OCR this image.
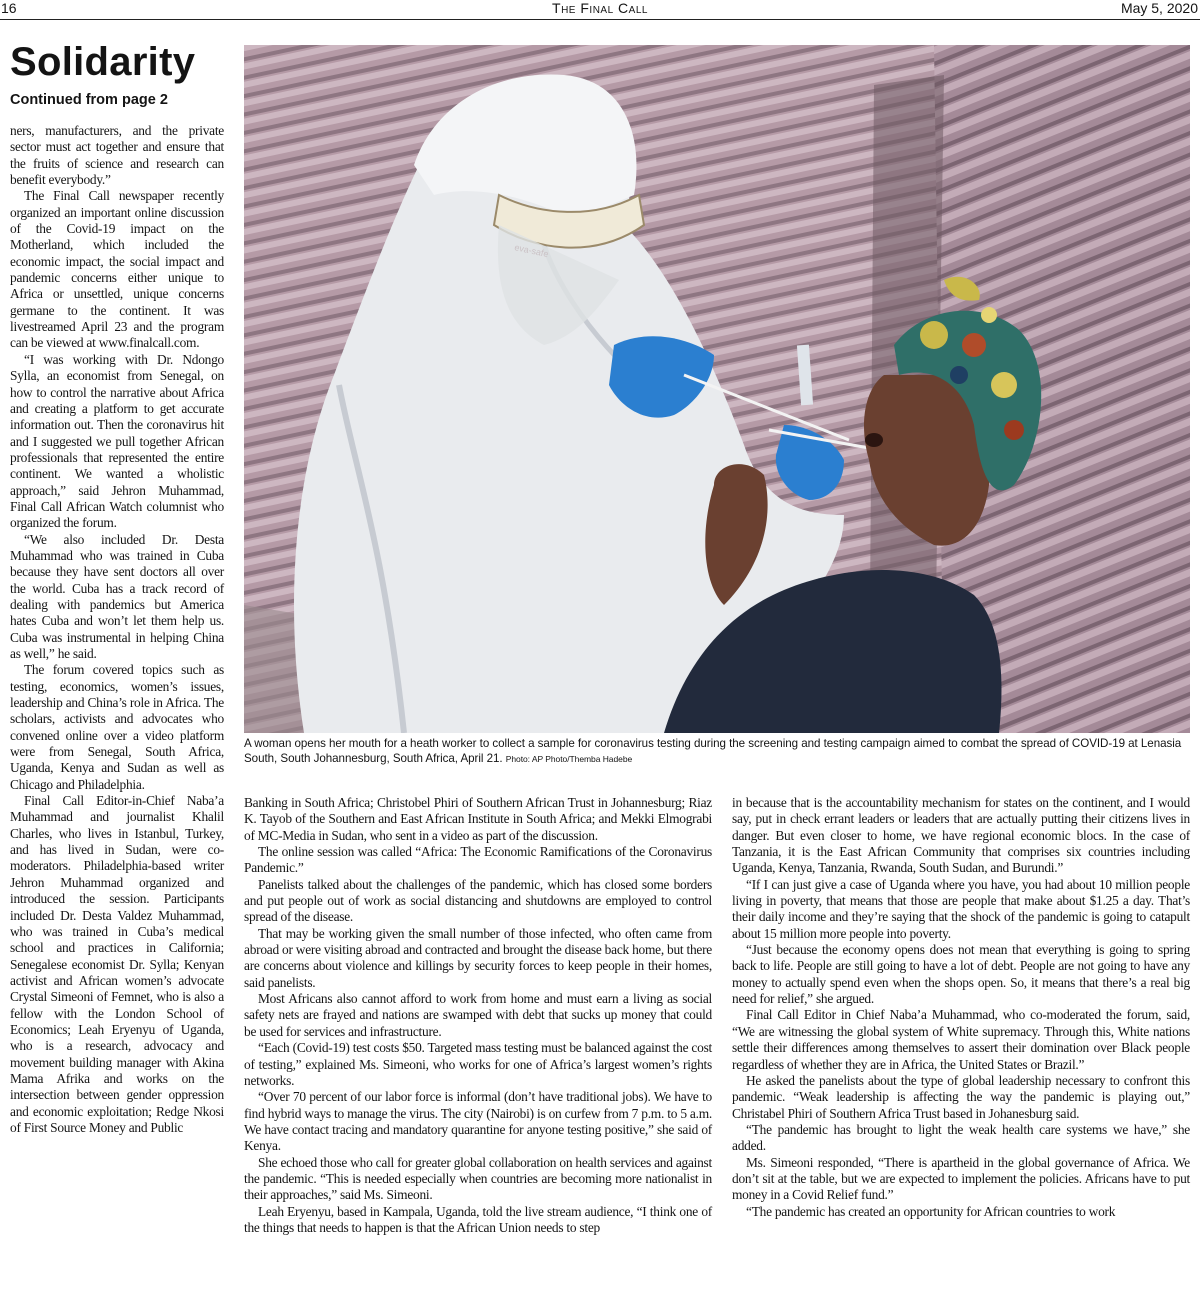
16	The Final Call	May 5, 2020
Solidarity
Continued from page 2

ners, manufacturers, and the private sector must act together and ensure that the fruits of science and research can benefit everybody.”

The Final Call newspaper recently organized an important online discussion of the Covid-19 impact on the Motherland, which included the economic impact, the social impact and pandemic concerns either unique to Africa or unsettled, unique concerns germane to the continent. It was livestreamed April 23 and the program can be viewed at www.finalcall.com.

“I was working with Dr. Ndongo Sylla, an economist from Senegal, on how to control the narrative about Africa and creating a platform to get accurate information out. Then the coronavirus hit and I suggested we pull together African professionals that represented the entire continent. We wanted a wholistic approach,” said Jehron Muhammad, Final Call African Watch columnist who organized the forum.

“We also included Dr. Desta Muhammad who was trained in Cuba because they have sent doctors all over the world. Cuba has a track record of dealing with pandemics but America hates Cuba and won’t let them help us. Cuba was instrumental in helping China as well,” he said.

The forum covered topics such as testing, economics, women’s issues, leadership and China’s role in Africa. The scholars, activists and advocates who convened online over a video platform were from Senegal, South Africa, Uganda, Kenya and Sudan as well as Chicago and Philadelphia.

Final Call Editor-in-Chief Naba’a Muhammad and journalist Khalil Charles, who lives in Istanbul, Turkey, and has lived in Sudan, were co-moderators. Philadelphia-based writer Jehron Muhammad organized and introduced the session. Participants included Dr. Desta Valdez Muhammad, who was trained in Cuba’s medical school and practices in California; Senegalese economist Dr. Sylla; Kenyan activist and African women’s advocate Crystal Simeoni of Femnet, who is also a fellow with the London School of Economics; Leah Eryenyu of Uganda, who is a research, advocacy and movement building manager with Akina Mama Afrika and works on the intersection between gender oppression and economic exploitation; Redge Nkosi of First Source Money and Public

A woman opens her mouth for a heath worker to collect a sample for coronavirus testing during the screening and testing campaign aimed to combat the spread of COVID-19 at Lenasia South, South Johannesburg, South Africa, April 21. Photo: AP Photo/Themba Hadebe

Banking in South Africa; Christobel Phiri of Southern African Trust in Johannesburg; Riaz K. Tayob of the Southern and East African Institute in South Africa; and Mekki Elmograbi of MC-Media in Sudan, who sent in a video as part of the discussion.

The online session was called “Africa: The Economic Ramifications of the Coronavirus Pandemic.”

Panelists talked about the challenges of the pandemic, which has closed some borders and put people out of work as social distancing and shutdowns are employed to control spread of the disease.

That may be working given the small number of those infected, who often came from abroad or were visiting abroad and contracted and brought the disease back home, but there are concerns about violence and killings by security forces to keep people in their homes, said panelists.

Most Africans also cannot afford to work from home and must earn a living as social safety nets are frayed and nations are swamped with debt that sucks up money that could be used for services and infrastructure.

“Each (Covid-19) test costs $50. Targeted mass testing must be balanced against the cost of testing,” explained Ms. Simeoni, who works for one of Africa’s largest women’s rights networks.

“Over 70 percent of our labor force is informal (don’t have traditional jobs). We have to find hybrid ways to manage the virus. The city (Nairobi) is on curfew from 7 p.m. to 5 a.m. We have contact tracing and mandatory quarantine for anyone testing positive,” she said of Kenya.

She echoed those who call for greater global collaboration on health services and against the pandemic. “This is needed especially when countries are becoming more nationalist in their approaches,” said Ms. Simeoni.

Leah Eryenyu, based in Kampala, Uganda, told the live stream audience, “I think one of the things that needs to happen is that the African Union needs to step

in because that is the accountability mechanism for states on the continent, and I would say, put in check errant leaders or leaders that are actually putting their citizens lives in danger. But even closer to home, we have regional economic blocs. In the case of Tanzania, it is the East African Community that comprises six countries including Uganda, Kenya, Tanzania, Rwanda, South Sudan, and Burundi.”

“If I can just give a case of Uganda where you have, you had about 10 million people living in poverty, that means that those are people that make about $1.25 a day. That’s their daily income and they’re saying that the shock of the pandemic is going to catapult about 15 million more people into poverty.

“Just because the economy opens does not mean that everything is going to spring back to life. People are still going to have a lot of debt. People are not going to have any money to actually spend even when the shops open. So, it means that there’s a real big need for relief,” she argued.

Final Call Editor in Chief Naba’a Muhammad, who co-moderated the forum, said, “We are witnessing the global system of White supremacy. Through this, White nations settle their differences among themselves to assert their domination over Black people regardless of whether they are in Africa, the United States or Brazil.”

He asked the panelists about the type of global leadership necessary to confront this pandemic. “Weak leadership is affecting the way the pandemic is playing out,” Christabel Phiri of Southern Africa Trust based in Johanesburg said.

“The pandemic has brought to light the weak health care systems we have,” she added.

Ms. Simeoni responded, “There is apartheid in the global governance of Africa. We don’t sit at the table, but we are expected to implement the policies. Africans have to put money in a Covid Relief fund.”

“The pandemic has created an opportunity for African countries to work
